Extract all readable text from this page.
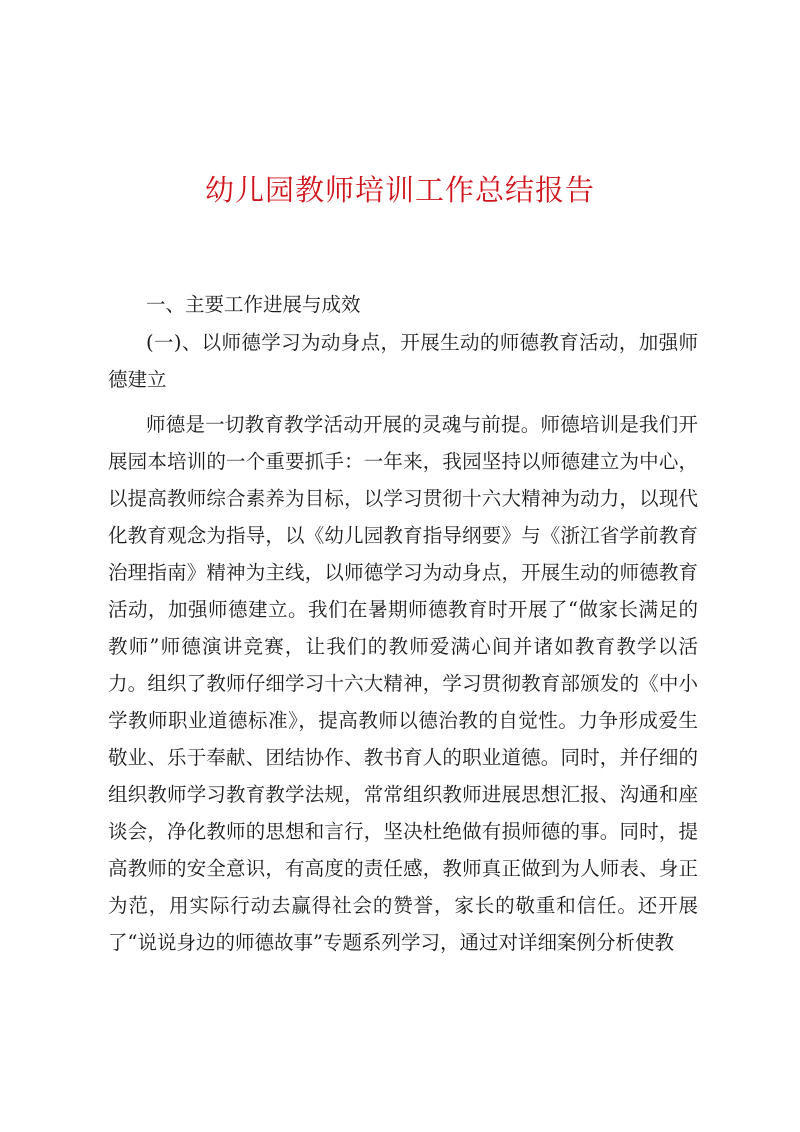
幼儿园教师培训工作总结报告

一、主要工作进展与成效

(一)、以师德学习为动身点，开展生动的师德教育活动，加强师德建立

师德是一切教育教学活动开展的灵魂与前提。师德培训是我们开展园本培训的一个重要抓手：一年来，我园坚持以师德建立为中心，以提高教师综合素养为目标，以学习贯彻十六大精神为动力，以现代化教育观念为指导，以《幼儿园教育指导纲要》与《浙江省学前教育治理指南》精神为主线，以师德学习为动身点，开展生动的师德教育活动，加强师德建立。我们在暑期师德教育时开展了“做家长满足的教师”师德演讲竞赛，让我们的教师爱满心间并诸如教育教学以活力。组织了教师仔细学习十六大精神，学习贯彻教育部颁发的《中小学教师职业道德标准》，提高教师以德治教的自觉性。力争形成爱生敬业、乐于奉献、团结协作、教书育人的职业道德。同时，并仔细的组织教师学习教育教学法规，常常组织教师进展思想汇报、沟通和座谈会，净化教师的思想和言行，坚决杜绝做有损师德的事。同时，提高教师的安全意识，有高度的责任感，教师真正做到为人师表、身正为范，用实际行动去赢得社会的赞誉，家长的敬重和信任。还开展了“说说身边的师德故事”专题系列学习，通过对详细案例分析使教
